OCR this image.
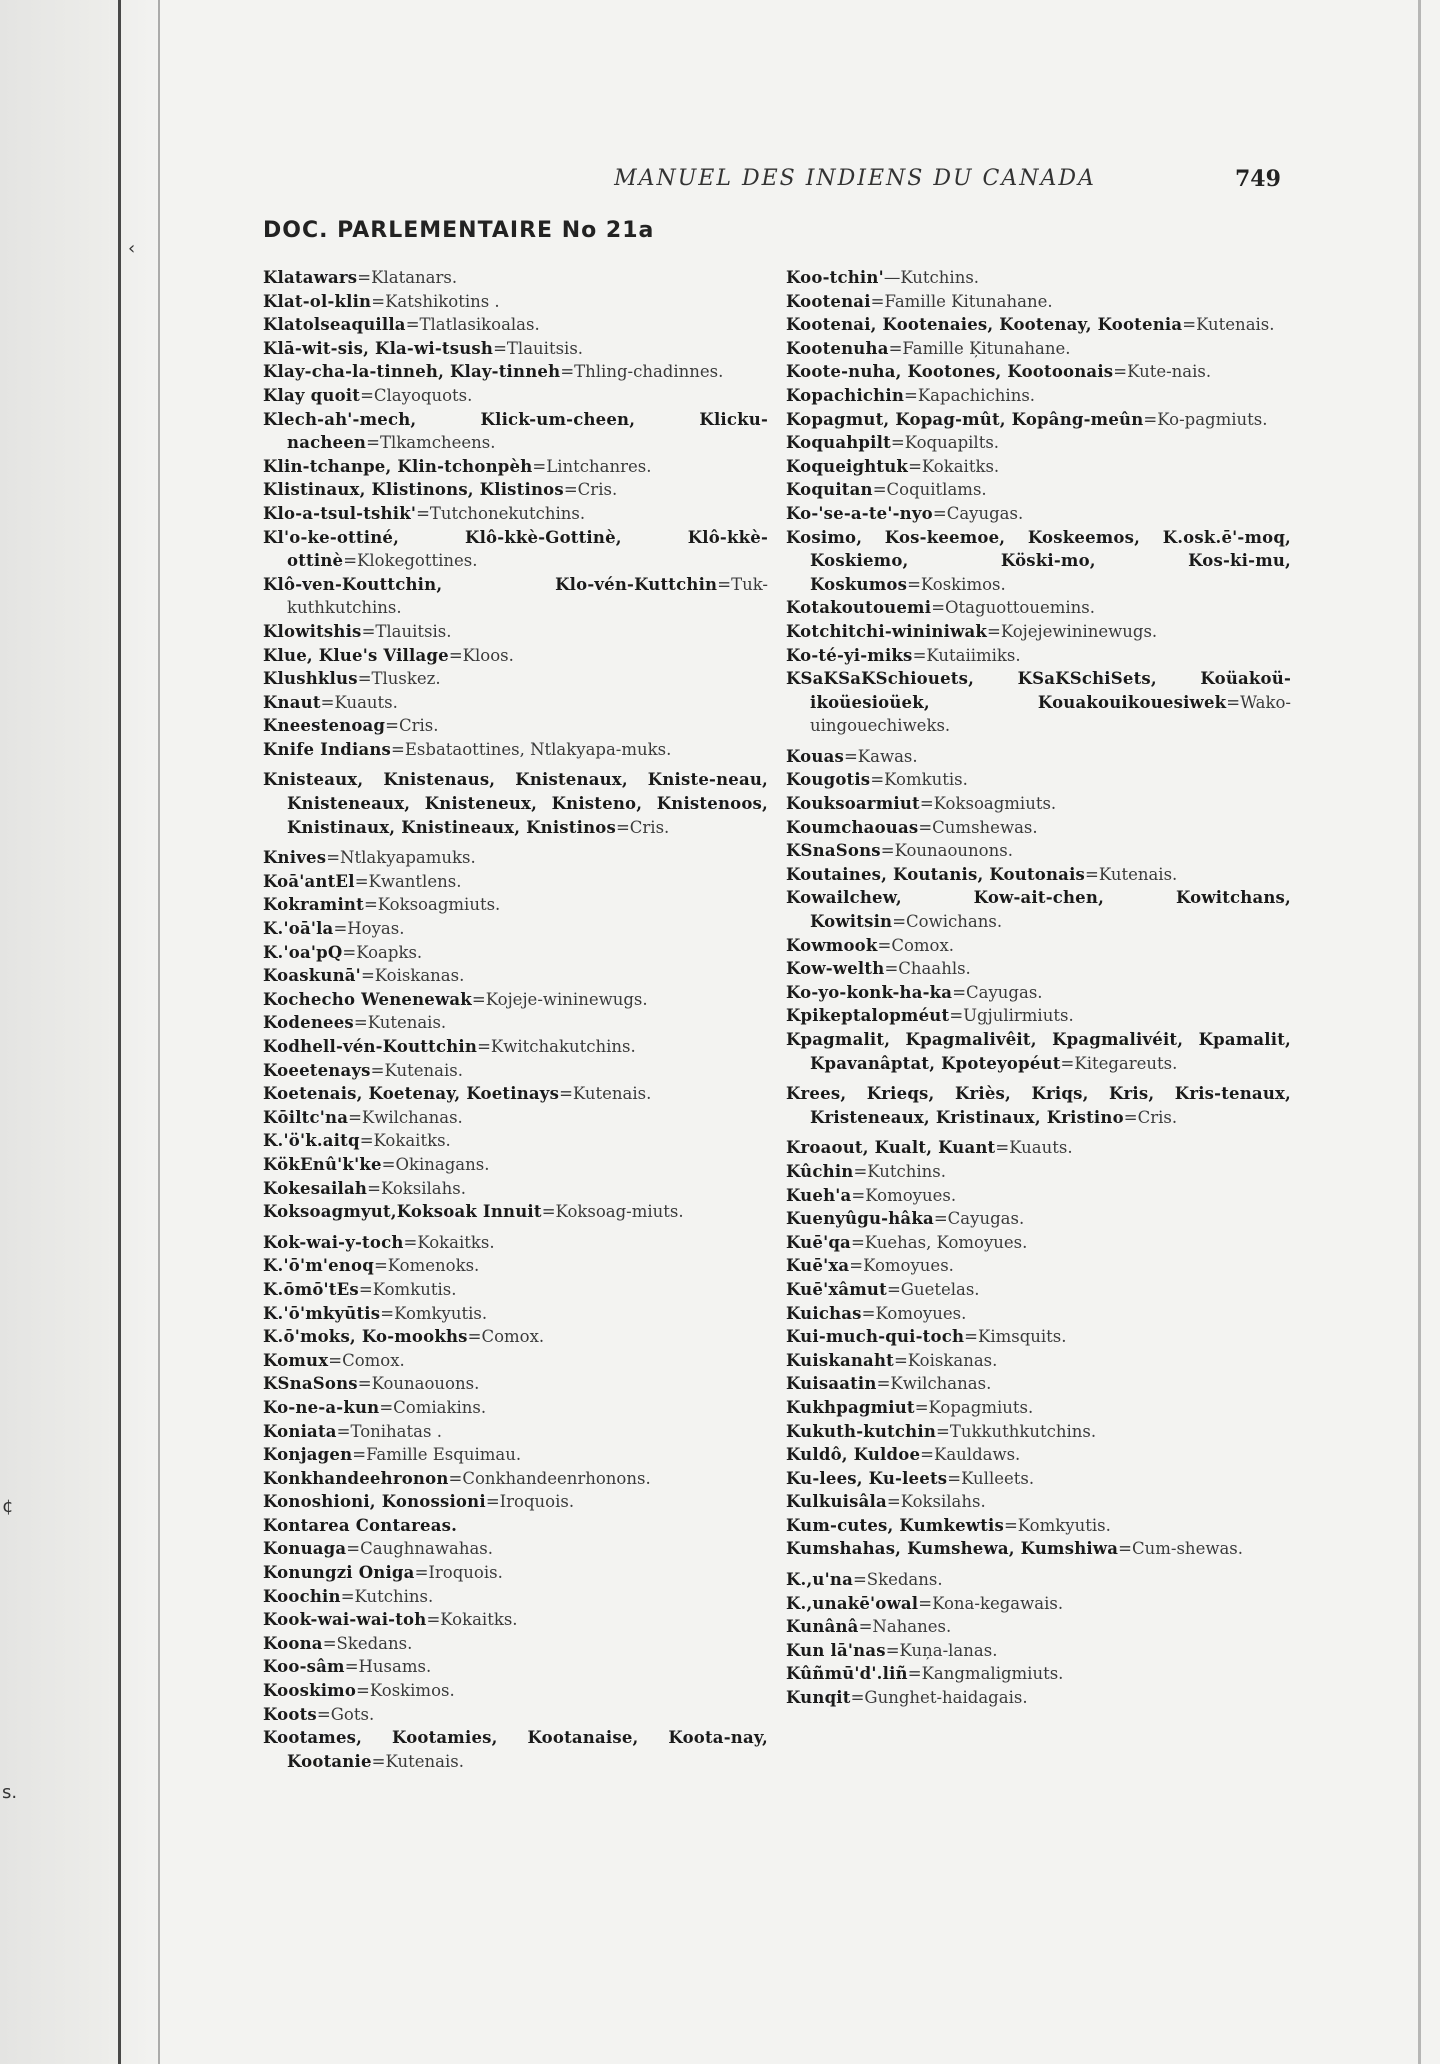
‹
¢
s.
MANUEL DES INDIENS DU CANADA	749
DOC. PARLEMENTAIRE No 21a

Klatawars=Klatanars.

Klat-ol-klin=Katshikotins .

Klatolseaquilla=Tlatlasikoalas.

Klā-wit-sis, Kla-wi-tsush=Tlauitsis.

Klay-cha-la-tinneh, Klay-tinneh=Thling-chadinnes.

Klay quoit=Clayoquots.

Klech-ah'-mech, Klick-um-cheen, Klicku-nacheen=Tlkamcheens.

Klin-tchanpe, Klin-tchonpèh=Lintchanres.

Klistinaux, Klistinons, Klistinos=Cris.

Klo-a-tsul-tshik'=Tutchonekutchins.

Kl'o-ke-ottiné, Klô-kkè-Gottinè, Klô-kkè-ottinè=Klokegottines.

Klô-ven-Kouttchin, Klo-vén-Kuttchin=Tuk-kuthkutchins.

Klowitshis=Tlauitsis.

Klue, Klue's Village=Kloos.

Klushklus=Tluskez.

Knaut=Kuauts.

Kneestenoag=Cris.

Knife Indians=Esbataottines, Ntlakyapa-muks.

Knisteaux, Knistenaus, Knistenaux, Kniste-neau, Knisteneaux, Knisteneux, Knisteno, Knistenoos, Knistinaux, Knistineaux, Knistinos=Cris.

Knives=Ntlakyapamuks.

Koā'antEl=Kwantlens.

Kokramint=Koksoagmiuts.

K.'oā'la=Hoyas.

K.'oa'pQ=Koapks.

Koaskunā'=Koiskanas.

Kochecho Wenenewak=Kojeje-wininewugs.

Kodenees=Kutenais.

Kodhell-vén-Kouttchin=Kwitchakutchins.

Koeetenays=Kutenais.

Koetenais, Koetenay, Koetinays=Kutenais.

Kōiltc'na=Kwilchanas.

K.'ö'k.aitq=Kokaitks.

KökEnû'k'ke=Okinagans.

Kokesailah=Koksilahs.

Koksoagmyut,Koksoak Innuit=Koksoag-miuts.

Kok-wai-y-toch=Kokaitks.

K.'ō'm'enoq=Komenoks.

K.ōmō'tEs=Komkutis.

K.'ō'mkyūtis=Komkyutis.

K.ō'moks, Ko-mookhs=Comox.

Komux=Comox.

KSnaSons=Kounaouons.

Ko-ne-a-kun=Comiakins.

Koniata=Tonihatas .

Konjagen=Famille Esquimau.

Konkhandeehronon=Conkhandeenrhonons.

Konoshioni, Konossioni=Iroquois.

Kontarea Contareas.

Konuaga=Caughnawahas.

Konungzi Oniga=Iroquois.

Koochin=Kutchins.

Kook-wai-wai-toh=Kokaitks.

Koona=Skedans.

Koo-sâm=Husams.

Kooskimo=Koskimos.

Koots=Gots.

Kootames, Kootamies, Kootanaise, Koota-nay, Kootanie=Kutenais.

Koo-tchin'—Kutchins.

Kootenai=Famille Kitunahane.

Kootenai, Kootenaies, Kootenay, Kootenia=Kutenais.

Kootenuha=Famille Ķitunahane.

Koote-nuha, Kootones, Kootoonais=Kute-nais.

Kopachichin=Kapachichins.

Kopagmut, Kopag-mût, Kopâng-meûn=Ko-pagmiuts.

Koquahpilt=Koquapilts.

Koqueightuk=Kokaitks.

Koquitan=Coquitlams.

Ko-'se-a-te'-nyo=Cayugas.

Kosimo, Kos-keemoe, Koskeemos, K.osk.ē'-moq, Koskiemo, Köski-mo, Kos-ki-mu, Koskumos=Koskimos.

Kotakoutouemi=Otaguottouemins.

Kotchitchi-wininiwak=Kojejewininewugs.

Ko-té-yi-miks=Kutaiimiks.

KSaKSaKSchiouets, KSaKSchiSets, Koüakoü-ikoüesioüek, Kouakouikouesiwek=Wako-uingouechiweks.

Kouas=Kawas.

Kougotis=Komkutis.

Kouksoarmiut=Koksoagmiuts.

Koumchaouas=Cumshewas.

KSnaSons=Kounaounons.

Koutaines, Koutanis, Koutonais=Kutenais.

Kowailchew, Kow-ait-chen, Kowitchans, Kowitsin=Cowichans.

Kowmook=Comox.

Kow-welth=Chaahls.

Ko-yo-konk-ha-ka=Cayugas.

Kpikeptalopméut=Ugjulirmiuts.

Kpagmalit, Kpagmalivêit, Kpagmalivéit, Kpamalit, Kpavanâptat, Kpoteyopéut=Kitegareuts.

Krees, Krieqs, Kriès, Kriqs, Kris, Kris-tenaux, Kristeneaux, Kristinaux, Kristino=Cris.

Kroaout, Kualt, Kuant=Kuauts.

Kûchin=Kutchins.

Kueh'a=Komoyues.

Kuenyûgu-hâka=Cayugas.

Kuē'qa=Kuehas, Komoyues.

Kuē'xa=Komoyues.

Kuē'xâmut=Guetelas.

Kuichas=Komoyues.

Kui-much-qui-toch=Kimsquits.

Kuiskanaht=Koiskanas.

Kuisaatin=Kwilchanas.

Kukhpagmiut=Kopagmiuts.

Kukuth-kutchin=Tukkuthkutchins.

Kuldô, Kuldoe=Kauldaws.

Ku-lees, Ku-leets=Kulleets.

Kulkuisâla=Koksilahs.

Kum-cutes, Kumkewtis=Komkyutis.

Kumshahas, Kumshewa, Kumshiwa=Cum-shewas.

K.,u'na=Skedans.

K.,unakē'owal=Kona-kegawais.

Kunânâ=Nahanes.

Kun lā'nas=Kuņa-lanas.

Kûñmū'd'.liñ=Kangmaligmiuts.

Kunqit=Gunghet-haidagais.
